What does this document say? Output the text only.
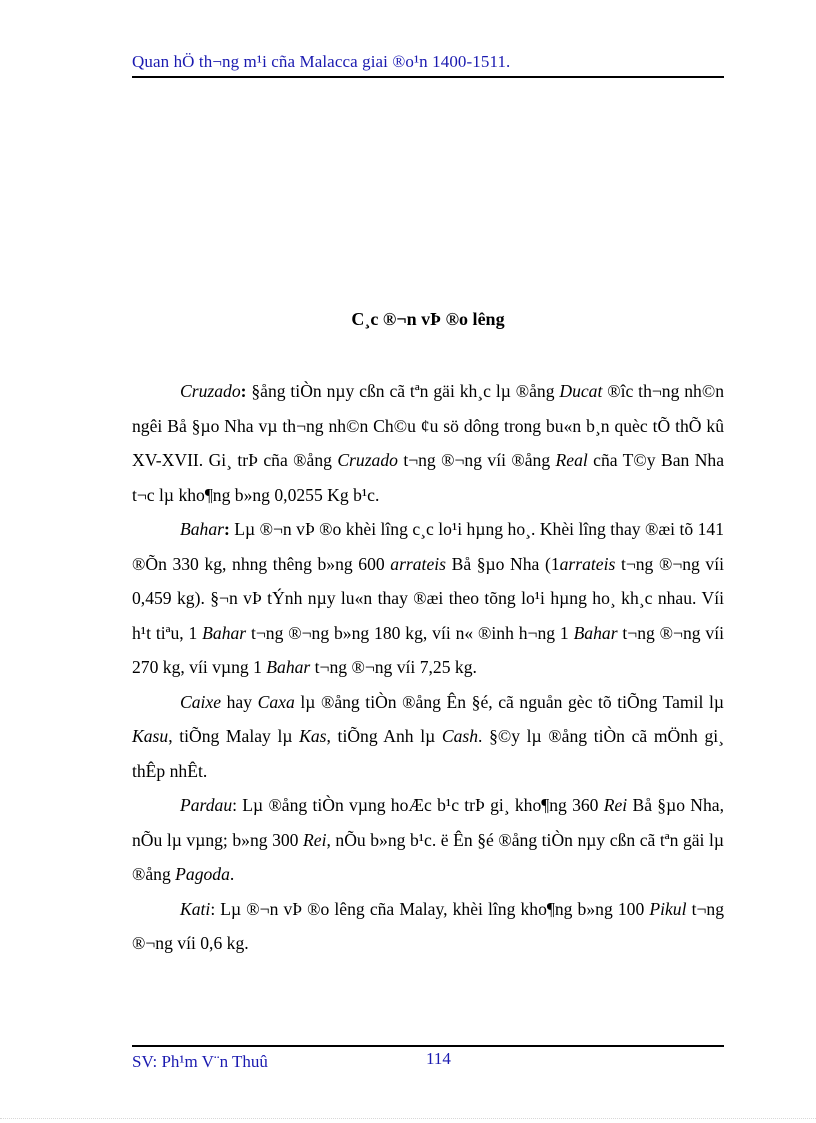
Quan hÖ th¬ng m¹i cña Malacca giai ®o¹n 1400-1511.
C¸c ®¬n vÞ ®o lêng

Cruzado: §ång tiÒn nµy cßn cã tªn gäi kh¸c lµ ®ång Ducat ®îc th¬ng nh©n ngêi Bå §µo Nha vµ th¬ng nh©n Ch©u ¢u sö dông trong bu«n b¸n quèc tÕ thÕ kû XV-XVII. Gi¸ trÞ cña ®ång Cruzado t¬ng ®¬ng víi ®ång Real cña T©y Ban Nha t¬c lµ kho¶ng b»ng 0,0255 Kg b¹c.

Bahar: Lµ ®¬n vÞ ®o khèi lîng c¸c lo¹i hµng ho¸. Khèi lîng thay ®æi tõ 141 ®Õn 330 kg, nhng thêng b»ng 600 arrateis Bå §µo Nha (1arrateis t¬ng ®¬ng víi 0,459 kg). §¬n vÞ tÝnh nµy lu«n thay ®æi theo tõng lo¹i hµng ho¸ kh¸c nhau. Víi h¹t tiªu, 1 Bahar t¬ng ®¬ng b»ng 180 kg, víi n« ®inh h¬ng 1 Bahar t¬ng ®¬ng víi 270 kg, víi vµng 1 Bahar t¬ng ®¬ng víi 7,25 kg.

Caixe hay Caxa lµ ®ång tiÒn ®ång Ên §é, cã nguån gèc tõ tiÕng Tamil lµ Kasu, tiÕng Malay lµ Kas, tiÕng Anh lµ Cash. §©y lµ ®ång tiÒn cã mÖnh gi¸ thÊp nhÊt.

Pardau: Lµ ®ång tiÒn vµng hoÆc b¹c trÞ gi¸ kho¶ng 360 Rei Bå §µo Nha, nÕu lµ vµng; b»ng 300 Rei, nÕu b»ng b¹c. ë Ên §é ®ång tiÒn nµy cßn cã tªn gäi lµ ®ång Pagoda.

Kati: Lµ ®¬n vÞ ®o lêng cña Malay, khèi lîng kho¶ng b»ng 100 Pikul t¬ng ®¬ng víi 0,6 kg.

SV: Ph¹m V¨n Thuû	114
